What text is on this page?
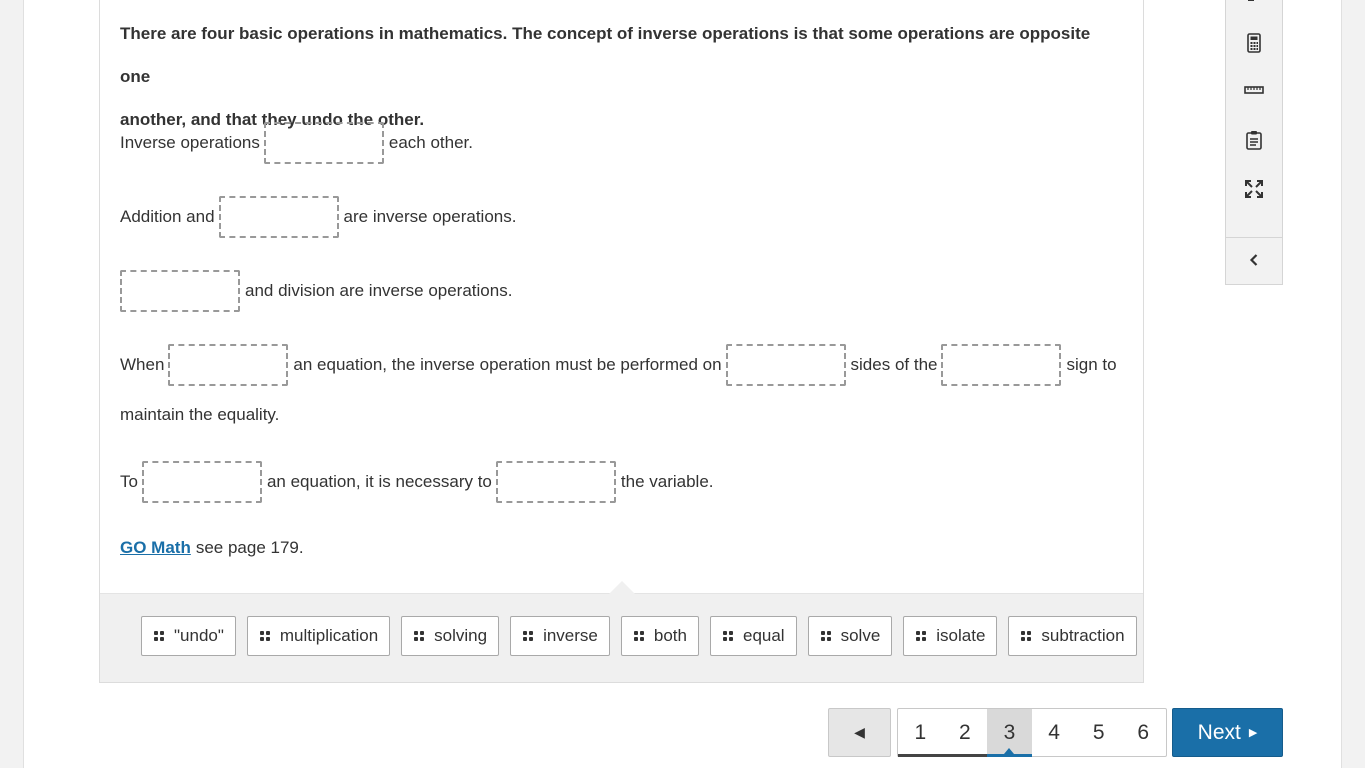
There are four basic operations in mathematics. The concept of inverse operations is that some operations are opposite one
another, and that they undo the other.
Inverse operations	each other.
Addition and	are inverse operations.
and division are inverse operations.
When	an equation, the inverse operation must be performed on	sides of the	sign to
maintain the equality.
To	an equation, it is necessary to	the variable.
GO Math see page 179.
"undo"	multiplication	solving	inverse	both	equal	solve	isolate	subtraction
◀	1	2	3	4	5	6	Next ▶
